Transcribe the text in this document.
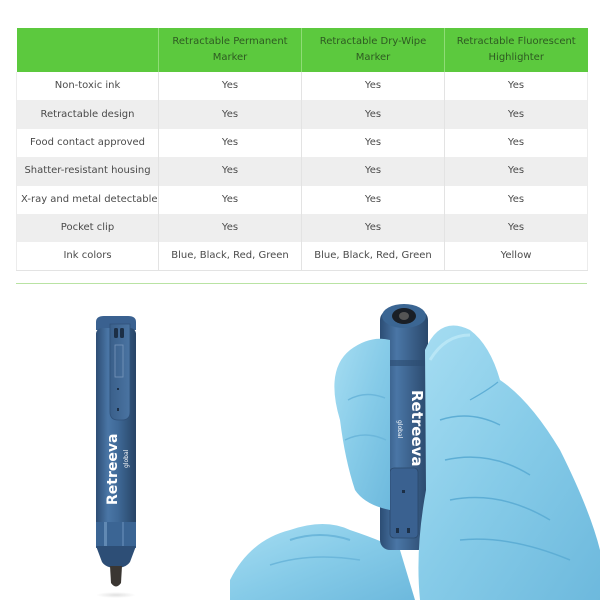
	Retractable Permanent Marker	Retractable Dry-Wipe Marker	Retractable Fluorescent Highlighter
Non-toxic ink	Yes	Yes	Yes
Retractable design	Yes	Yes	Yes
Food contact approved	Yes	Yes	Yes
Shatter-resistant housing	Yes	Yes	Yes
X-ray and metal detectable	Yes	Yes	Yes
Pocket clip	Yes	Yes	Yes
Ink colors	Blue, Black, Red, Green	Blue, Black, Red, Green	Yellow
Retreeva global	Retreeva
global
